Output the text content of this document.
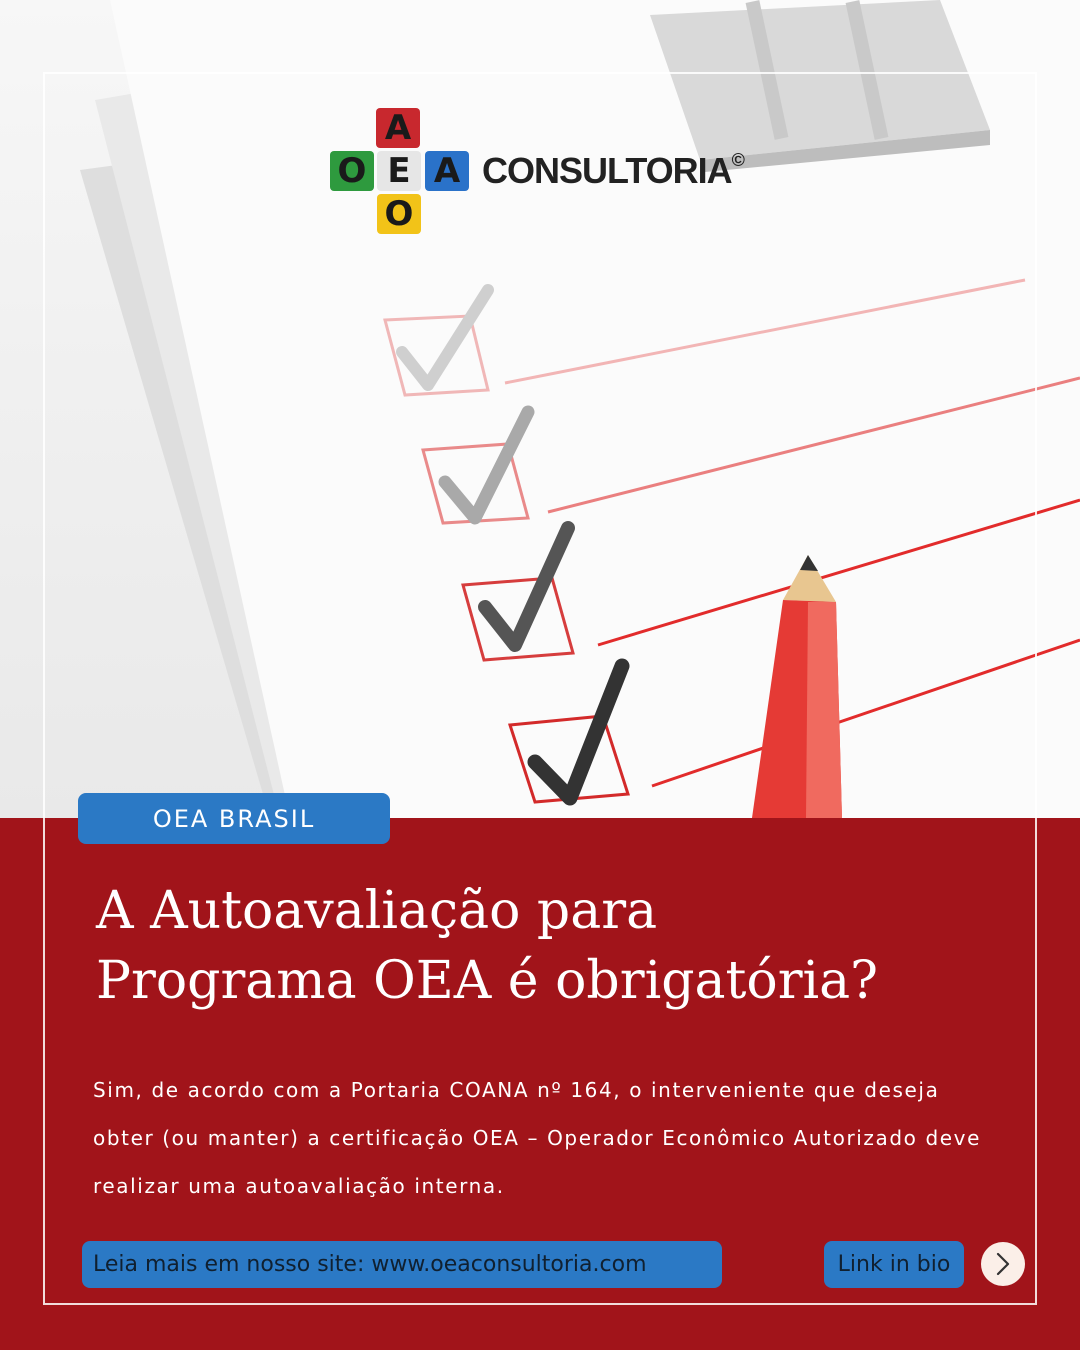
A
O E A
O
CONSULTORIA©
OEA BRASIL
A Autoavaliação para
Programa OEA é obrigatória?

Sim, de acordo com a Portaria COANA nº 164, o interveniente que deseja obter (ou manter) a certificação OEA – Operador Econômico Autorizado deve realizar uma autoavaliação interna.

Leia mais em nosso site: www.oeaconsultoria.com	Link in bio
